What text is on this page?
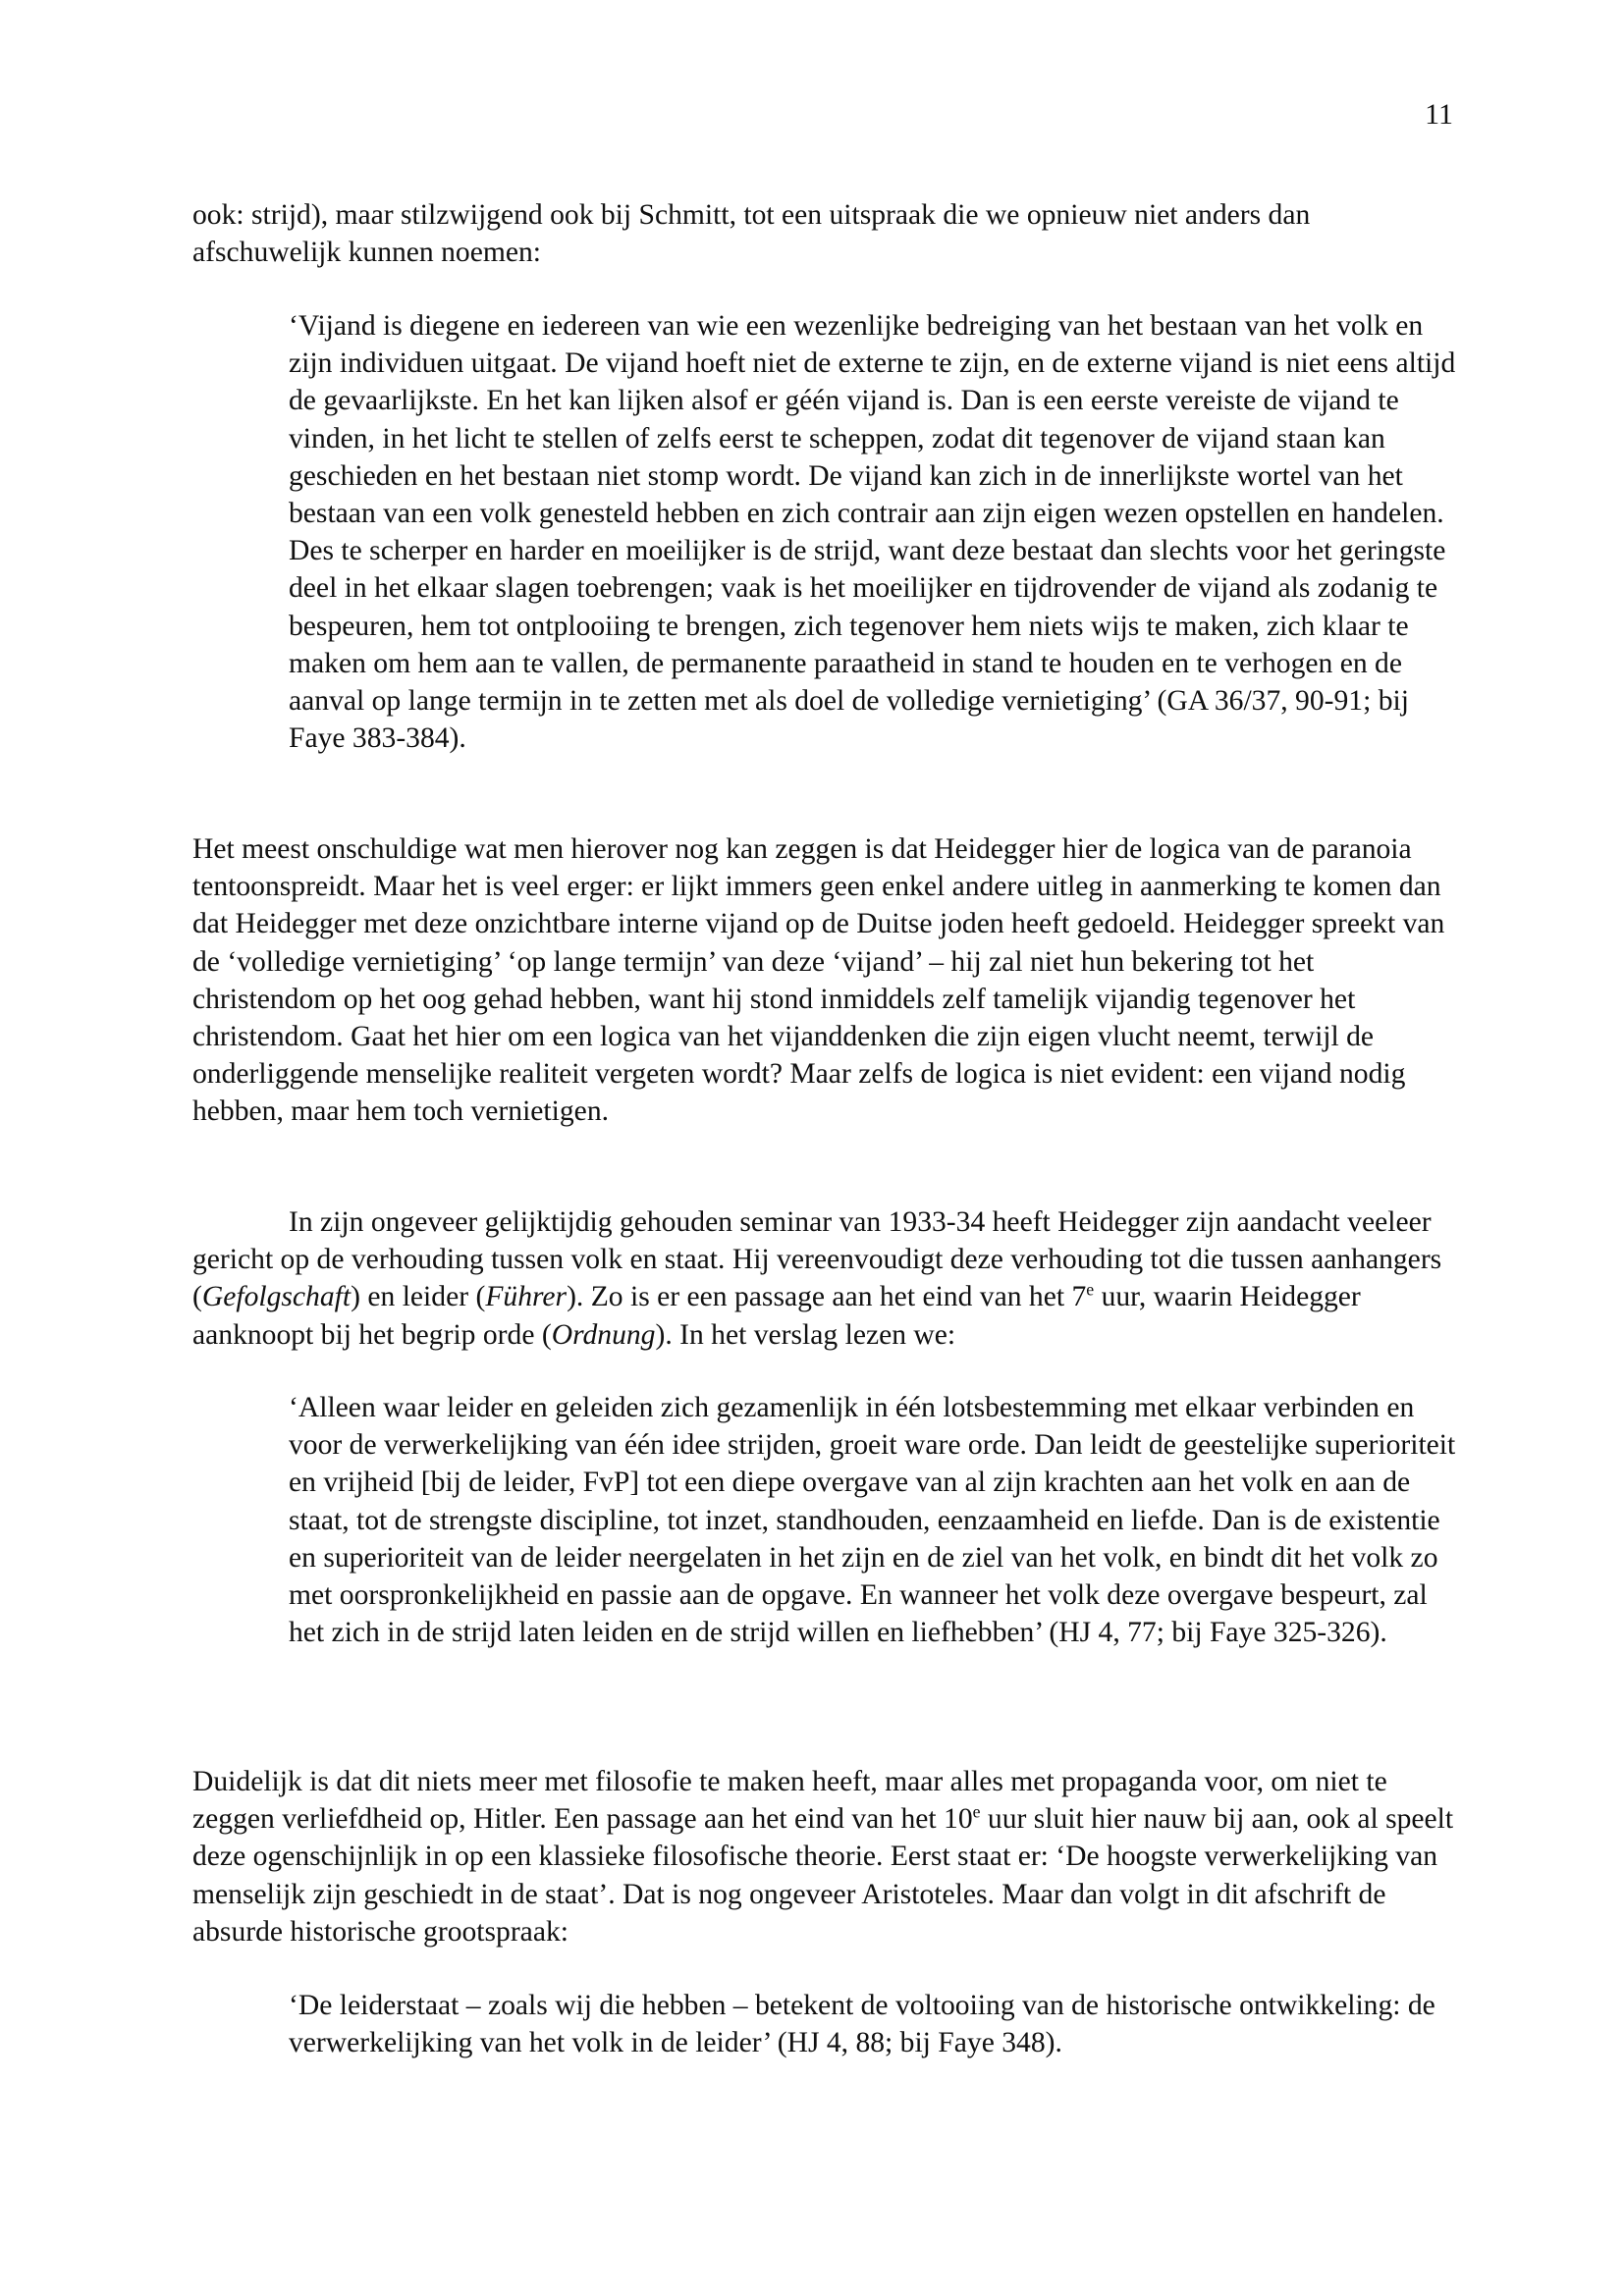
11

ook: strijd), maar stilzwijgend ook bij Schmitt, tot een uitspraak die we opnieuw niet anders dan afschuwelijk kunnen noemen:

‘Vijand is diegene en iedereen van wie een wezenlijke bedreiging van het bestaan van het volk en zijn individuen uitgaat. De vijand hoeft niet de externe te zijn, en de externe vijand is niet eens altijd de gevaarlijkste. En het kan lijken alsof er géén vijand is. Dan is een eerste vereiste de vijand te vinden, in het licht te stellen of zelfs eerst te scheppen, zodat dit tegenover de vijand staan kan geschieden en het bestaan niet stomp wordt. De vijand kan zich in de innerlijkste wortel van het bestaan van een volk genesteld hebben en zich contrair aan zijn eigen wezen opstellen en handelen. Des te scherper en harder en moeilijker is de strijd, want deze bestaat dan slechts voor het geringste deel in het elkaar slagen toebrengen; vaak is het moeilijker en tijdrovender de vijand als zodanig te bespeuren, hem tot ontplooiing te brengen, zich tegenover hem niets wijs te maken, zich klaar te maken om hem aan te vallen, de permanente paraatheid in stand te houden en te verhogen en de aanval op lange termijn in te zetten met als doel de volledige vernietiging’ (GA 36/37, 90-91; bij Faye 383-384).

Het meest onschuldige wat men hierover nog kan zeggen is dat Heidegger hier de logica van de paranoia tentoonspreidt. Maar het is veel erger: er lijkt immers geen enkel andere uitleg in aanmerking te komen dan dat Heidegger met deze onzichtbare interne vijand op de Duitse joden heeft gedoeld. Heidegger spreekt van de ‘volledige vernietiging’ ‘op lange termijn’ van deze ‘vijand’ – hij zal niet hun bekering tot het christendom op het oog gehad hebben, want hij stond inmiddels zelf tamelijk vijandig tegenover het christendom. Gaat het hier om een logica van het vijanddenken die zijn eigen vlucht neemt, terwijl de onderliggende menselijke realiteit vergeten wordt? Maar zelfs de logica is niet evident: een vijand nodig hebben, maar hem toch vernietigen.

In zijn ongeveer gelijktijdig gehouden seminar van 1933-34 heeft Heidegger zijn aandacht veeleer gericht op de verhouding tussen volk en staat. Hij vereenvoudigt deze verhouding tot die tussen aanhangers (Gefolgschaft) en leider (Führer). Zo is er een passage aan het eind van het 7e uur, waarin Heidegger aanknoopt bij het begrip orde (Ordnung). In het verslag lezen we:

‘Alleen waar leider en geleiden zich gezamenlijk in één lotsbestemming met elkaar verbinden en voor de verwerkelijking van één idee strijden, groeit ware orde. Dan leidt de geestelijke superioriteit en vrijheid [bij de leider, FvP] tot een diepe overgave van al zijn krachten aan het volk en aan de staat, tot de strengste discipline, tot inzet, standhouden, eenzaamheid en liefde. Dan is de existentie en superioriteit van de leider neergelaten in het zijn en de ziel van het volk, en bindt dit het volk zo met oorspronkelijkheid en passie aan de opgave. En wanneer het volk deze overgave bespeurt, zal het zich in de strijd laten leiden en de strijd willen en liefhebben’ (HJ 4, 77; bij Faye 325-326).

Duidelijk is dat dit niets meer met filosofie te maken heeft, maar alles met propaganda voor, om niet te zeggen verliefdheid op, Hitler. Een passage aan het eind van het 10e uur sluit hier nauw bij aan, ook al speelt deze ogenschijnlijk in op een klassieke filosofische theorie. Eerst staat er: ‘De hoogste verwerkelijking van menselijk zijn geschiedt in de staat’. Dat is nog ongeveer Aristoteles. Maar dan volgt in dit afschrift de absurde historische grootspraak:

‘De leiderstaat – zoals wij die hebben – betekent de voltooiing van de historische ontwikkeling: de verwerkelijking van het volk in de leider’ (HJ 4, 88; bij Faye 348).
